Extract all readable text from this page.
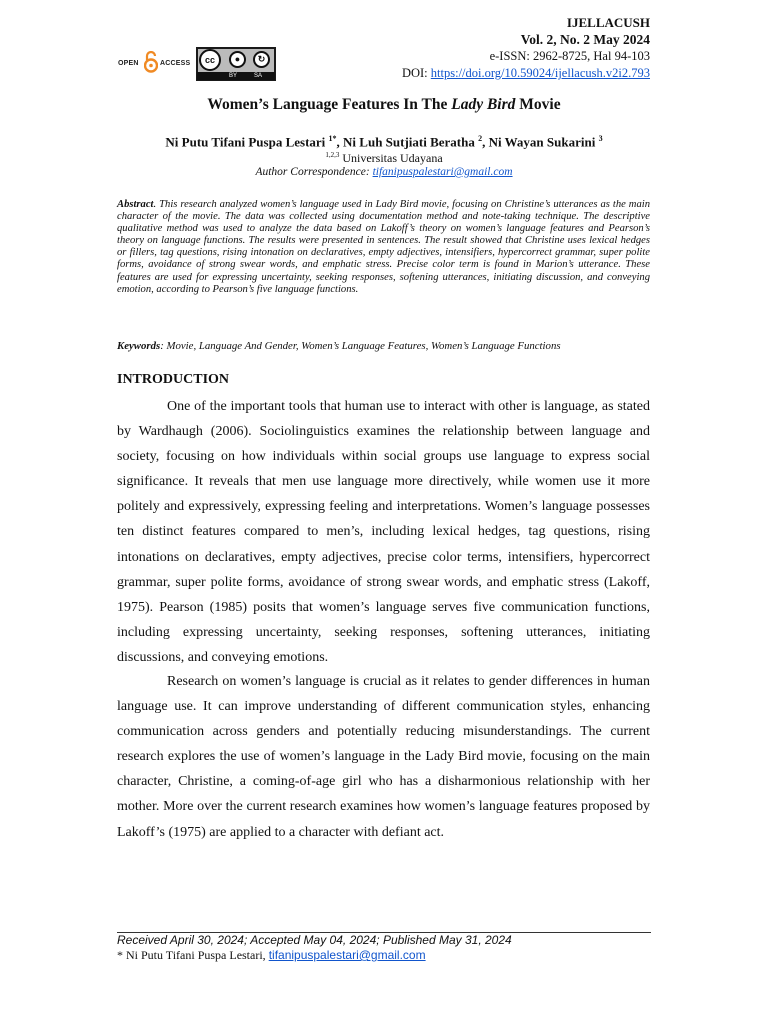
OPEN	ACCESS	cc	●	↻
BY	SA
IJELLACUSH
Vol. 2, No. 2 May 2024
e-ISSN: 2962-8725, Hal 94-103
DOI: https://doi.org/10.59024/ijellacush.v2i2.793
Women’s Language Features In The Lady Bird Movie
Ni Putu Tifani Puspa Lestari $^{1*}$, Ni Luh Sutjiati Beratha $^2$, Ni Wayan Sukarini $^3$
$^{1,2,3}$ Universitas Udayana
Author Correspondence: tifanipuspalestari@gmail.com
Abstract. This research analyzed women’s language used in Lady Bird movie, focusing on Christine’s utterances as the main character of the movie. The data was collected using documentation method and note-taking technique. The descriptive qualitative method was used to analyze the data based on Lakoff’s theory on women’s language features and Pearson’s theory on language functions. The results were presented in sentences. The result showed that Christine uses lexical hedges or fillers, tag questions, rising intonation on declaratives, empty adjectives, intensifiers, hypercorrect grammar, super polite forms, avoidance of strong swear words, and emphatic stress. Precise color term is found in Marion’s utterance. These features are used for expressing uncertainty, seeking responses, softening utterances, initiating discussion, and conveying emotion, according to Pearson’s five language functions.
Keywords: Movie, Language And Gender, Women’s Language Features, Women’s Language Functions
INTRODUCTION

One of the important tools that human use to interact with other is language, as stated by Wardhaugh (2006). Sociolinguistics examines the relationship between language and society, focusing on how individuals within social groups use language to express social significance. It reveals that men use language more directively, while women use it more politely and expressively, expressing feeling and interpretations. Women’s language possesses ten distinct features compared to men’s, including lexical hedges, tag questions, rising intonations on declaratives, empty adjectives, precise color terms, intensifiers, hypercorrect grammar, super polite forms, avoidance of strong swear words, and emphatic stress (Lakoff, 1975). Pearson (1985) posits that women’s language serves five communication functions, including expressing uncertainty, seeking responses, softening utterances, initiating discussions, and conveying emotions.

Research on women’s language is crucial as it relates to gender differences in human language use. It can improve understanding of different communication styles, enhancing communication across genders and potentially reducing misunderstandings. The current research explores the use of women’s language in the Lady Bird movie, focusing on the main character, Christine, a coming-of-age girl who has a disharmonious relationship with her mother. More over the current research examines how women’s language features proposed by Lakoff’s (1975) are applied to a character with defiant act.

Received April 30, 2024; Accepted May 04, 2024; Published May 31, 2024
* Ni Putu Tifani Puspa Lestari, tifanipuspalestari@gmail.com
